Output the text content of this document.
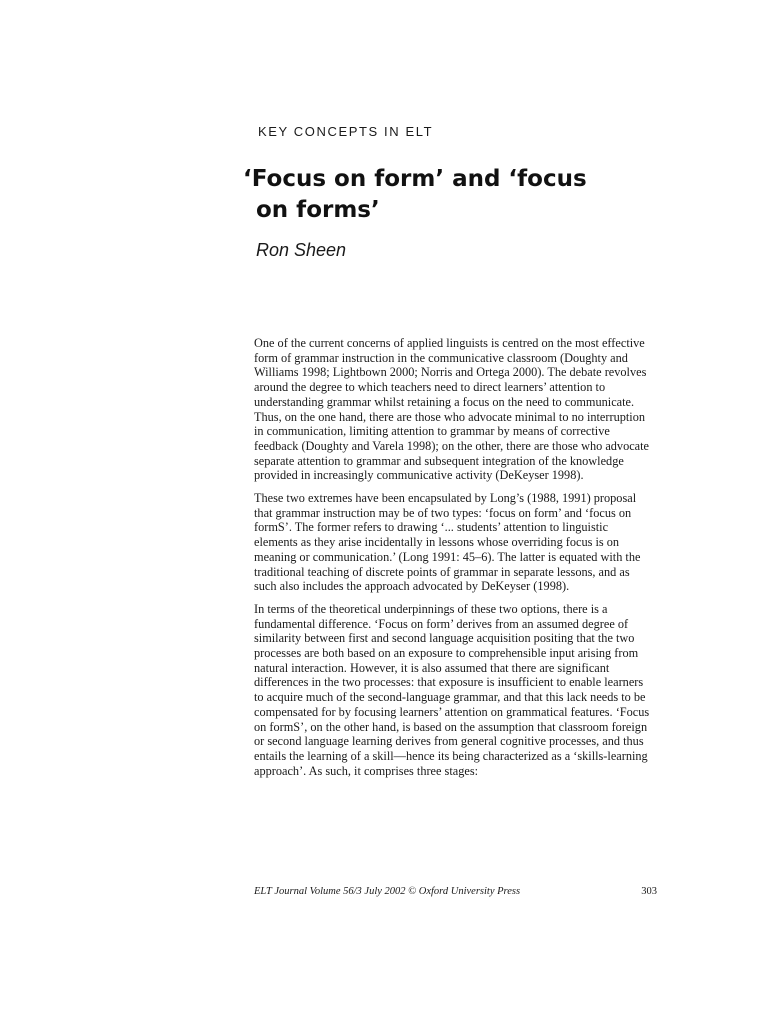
KEY CONCEPTS IN ELT
‘Focus on form’ and ‘focus
on forms’
Ron Sheen

One of the current concerns of applied linguists is centred on the most effective form of grammar instruction in the communicative classroom (Doughty and Williams 1998; Lightbown 2000; Norris and Ortega 2000). The debate revolves around the degree to which teachers need to direct learners’ attention to understanding grammar whilst retaining a focus on the need to communicate. Thus, on the one hand, there are those who advocate minimal to no interruption in communication, limiting attention to grammar by means of corrective feedback (Doughty and Varela 1998); on the other, there are those who advocate separate attention to grammar and subsequent integration of the knowledge provided in increasingly communicative activity (DeKeyser 1998).

These two extremes have been encapsulated by Long’s (1988, 1991) proposal that grammar instruction may be of two types: ‘focus on form’ and ‘focus on formS’. The former refers to drawing ‘... students’ attention to linguistic elements as they arise incidentally in lessons whose overriding focus is on meaning or communication.’ (Long 1991: 45–6). The latter is equated with the traditional teaching of discrete points of grammar in separate lessons, and as such also includes the approach advocated by DeKeyser (1998).

In terms of the theoretical underpinnings of these two options, there is a fundamental difference. ‘Focus on form’ derives from an assumed degree of similarity between first and second language acquisition positing that the two processes are both based on an exposure to comprehensible input arising from natural interaction. However, it is also assumed that there are significant differences in the two processes: that exposure is insufficient to enable learners to acquire much of the second-language grammar, and that this lack needs to be compensated for by focusing learners’ attention on grammatical features. ‘Focus on formS’, on the other hand, is based on the assumption that classroom foreign or second language learning derives from general cognitive processes, and thus entails the learning of a skill—hence its being characterized as a ‘skills-learning approach’. As such, it comprises three stages:

ELT Journal Volume 56/3 July 2002 © Oxford University Press	303
